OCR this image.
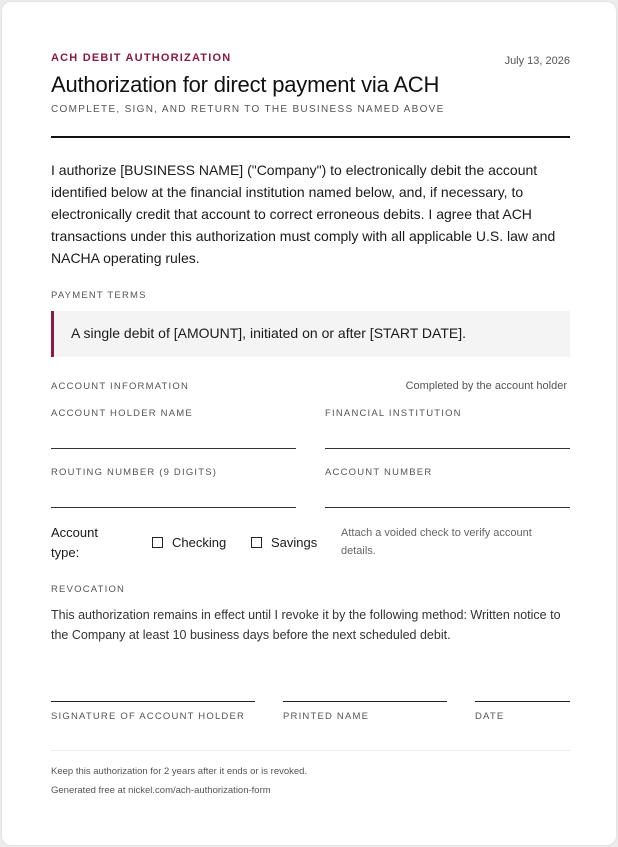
ACH DEBIT AUTHORIZATION	July 13, 2026
Authorization for direct payment via ACH
COMPLETE, SIGN, AND RETURN TO THE BUSINESS NAMED ABOVE
I authorize [BUSINESS NAME] ("Company") to electronically debit the account identified below at the financial institution named below, and, if necessary, to electronically credit that account to correct erroneous debits. I agree that ACH transactions under this authorization must comply with all applicable U.S. law and NACHA operating rules.
PAYMENT TERMS
A single debit of [AMOUNT], initiated on or after [START DATE].
ACCOUNT INFORMATION	Completed by the account holder
ACCOUNT HOLDER NAME	FINANCIAL INSTITUTION
ROUTING NUMBER (9 DIGITS)	ACCOUNT NUMBER
Account type:
Checking	Savings
Attach a voided check to verify account details.
REVOCATION
This authorization remains in effect until I revoke it by the following method: Written notice to the Company at least 10 business days before the next scheduled debit.
SIGNATURE OF ACCOUNT HOLDER	PRINTED NAME	DATE
Keep this authorization for 2 years after it ends or is revoked.
Generated free at nickel.com/ach-authorization-form
